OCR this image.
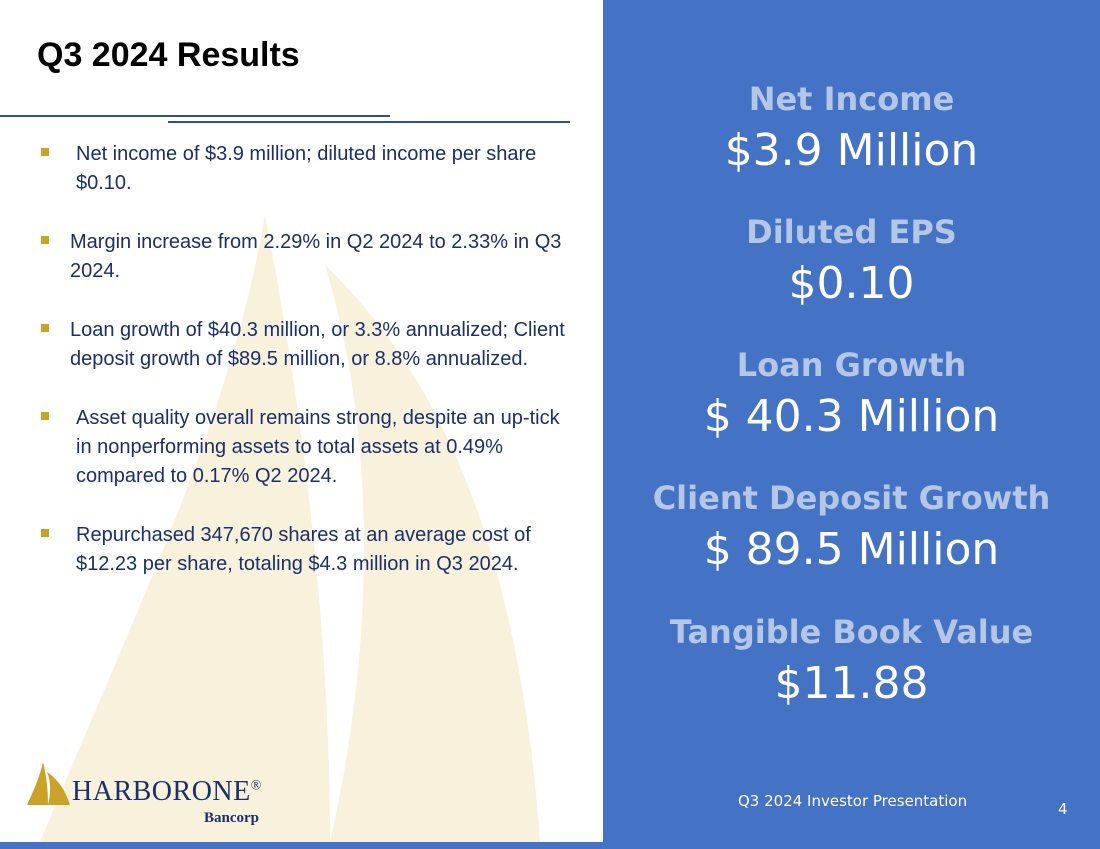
Q3 2024 Results
Net income of $3.9 million; diluted income per share $0.10.
Margin increase from 2.29% in Q2 2024 to 2.33% in Q3 2024.
Loan growth of $40.3 million, or 3.3% annualized; Client deposit growth of $89.5 million, or 8.8% annualized.
Asset quality overall remains strong, despite an up-tick in nonperforming assets to total assets at 0.49% compared to 0.17% Q2 2024.
Repurchased 347,670 shares at an average cost of $12.23 per share, totaling $4.3 million in Q3 2024.
HARBORONE®
Bancorp
Net Income
$3.9 Million
Diluted EPS
$0.10
Loan Growth
$ 40.3 Million
Client Deposit Growth
$ 89.5 Million
Tangible Book Value
$11.88
Q3 2024 Investor Presentation	4
